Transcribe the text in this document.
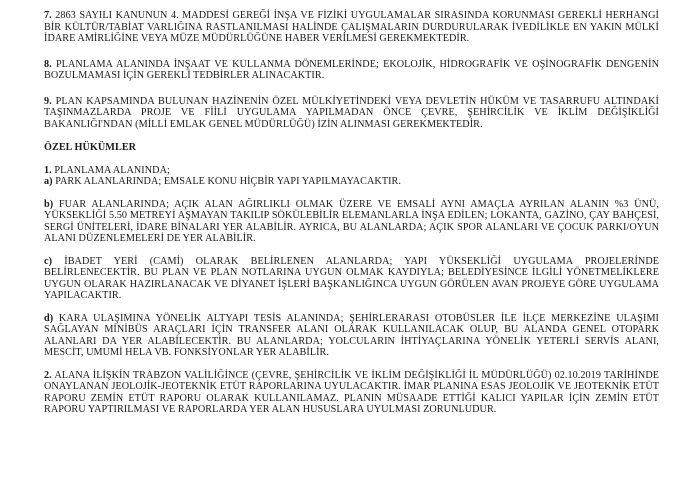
7. 2863 SAYILI KANUNUN 4. MADDESİ GEREĞİ İNŞA VE FİZİKİ UYGULAMALAR SIRASINDA KORUNMASI GEREKLİ HERHANGİ BİR KÜLTÜR/TABİAT VARLIĞINA RASTLANILMASI HALİNDE ÇALIŞMALARIN DURDURULARAK İVEDİLİKLE EN YAKIN MÜLKİ İDARE AMİRLİĞİNE VEYA MÜZE MÜDÜRLÜĞÜNE HABER VERİLMESİ GEREKMEKTEDİR.

8. PLANLAMA ALANINDA İNŞAAT VE KULLANMA DÖNEMLERİNDE; EKOLOJİK, HİDROGRAFİK VE OŞİNOGRAFİK DENGENİN BOZULMAMASI İÇİN GEREKLİ TEDBİRLER ALINACAKTIR.

9. PLAN KAPSAMINDA BULUNAN HAZİNENİN ÖZEL MÜLKİYETİNDEKİ VEYA DEVLETİN HÜKÜM VE TASARRUFU ALTINDAKİ TAŞINMAZLARDA PROJE VE FİİLİ UYGULAMA YAPILMADAN ÖNCE ÇEVRE, ŞEHİRCİLİK VE İKLİM DEĞİŞİKLİĞİ BAKANLIĞI'NDAN (MİLLİ EMLAK GENEL MÜDÜRLÜĞÜ) İZİN ALINMASI GEREKMEKTEDİR.

ÖZEL HÜKÜMLER

1. PLANLAMA ALANINDA;

a) PARK ALANLARINDA; EMSALE KONU HİÇBİR YAPI YAPILMAYACAKTIR.

b) FUAR ALANLARINDA; AÇIK ALAN AĞIRLIKLI OLMAK ÜZERE VE EMSALİ AYNI AMAÇLA AYRILAN ALANIN %3 ÜNÜ, YÜKSEKLİĞİ 5.50 METREYİ AŞMAYAN TAKILIP SÖKÜLEBİLİR ELEMANLARLA İNŞA EDİLEN; LOKANTA, GAZİNO, ÇAY BAHÇESİ, SERGİ ÜNİTELERİ, İDARE BİNALARI YER ALABİLİR. AYRICA, BU ALANLARDA; AÇIK SPOR ALANLARI VE ÇOCUK PARKI/OYUN ALANI DÜZENLEMELERİ DE YER ALABİLİR.

c) İBADET YERİ (CAMİ) OLARAK BELİRLENEN ALANLARDA; YAPI YÜKSEKLİĞİ UYGULAMA PROJELERİNDE BELİRLENECEKTİR. BU PLAN VE PLAN NOTLARINA UYGUN OLMAK KAYDIYLA; BELEDİYESİNCE İLGİLİ YÖNETMELİKLERE UYGUN OLARAK HAZIRLANACAK VE DİYANET İŞLERİ BAŞKANLIĞINCA UYGUN GÖRÜLEN AVAN PROJEYE GÖRE UYGULAMA YAPILACAKTIR.

d) KARA ULAŞIMINA YÖNELİK ALTYAPI TESİS ALANINDA; ŞEHİRLERARASI OTOBÜSLER İLE İLÇE MERKEZİNE ULAŞIMI SAĞLAYAN MİNİBÜS ARAÇLARI İÇİN TRANSFER ALANI OLARAK KULLANILACAK OLUP, BU ALANDA GENEL OTOPARK ALANLARI DA YER ALABİLECEKTİR. BU ALANLARDA; YOLCULARIN İHTİYAÇLARINA YÖNELİK YETERLİ SERVİS ALANI, MESCİT, UMUMİ HELA VB. FONKSİYONLAR YER ALABİLİR.

2. ALANA İLİŞKİN TRABZON VALİLİĞİNCE (ÇEVRE, ŞEHİRCİLİK VE İKLİM DEĞİŞİKLİĞİ İL MÜDÜRLÜĞÜ) 02.10.2019 TARİHİNDE ONAYLANAN JEOLOJİK-JEOTEKNİK ETÜT RAPORLARINA UYULACAKTIR. İMAR PLANINA ESAS JEOLOJİK VE JEOTEKNİK ETÜT RAPORU ZEMİN ETÜT RAPORU OLARAK KULLANILAMAZ. PLANIN MÜSAADE ETTİĞİ KALICI YAPILAR İÇİN ZEMİN ETÜT RAPORU YAPTIRILMASI VE RAPORLARDA YER ALAN HUSUSLARA UYULMASI ZORUNLUDUR.
